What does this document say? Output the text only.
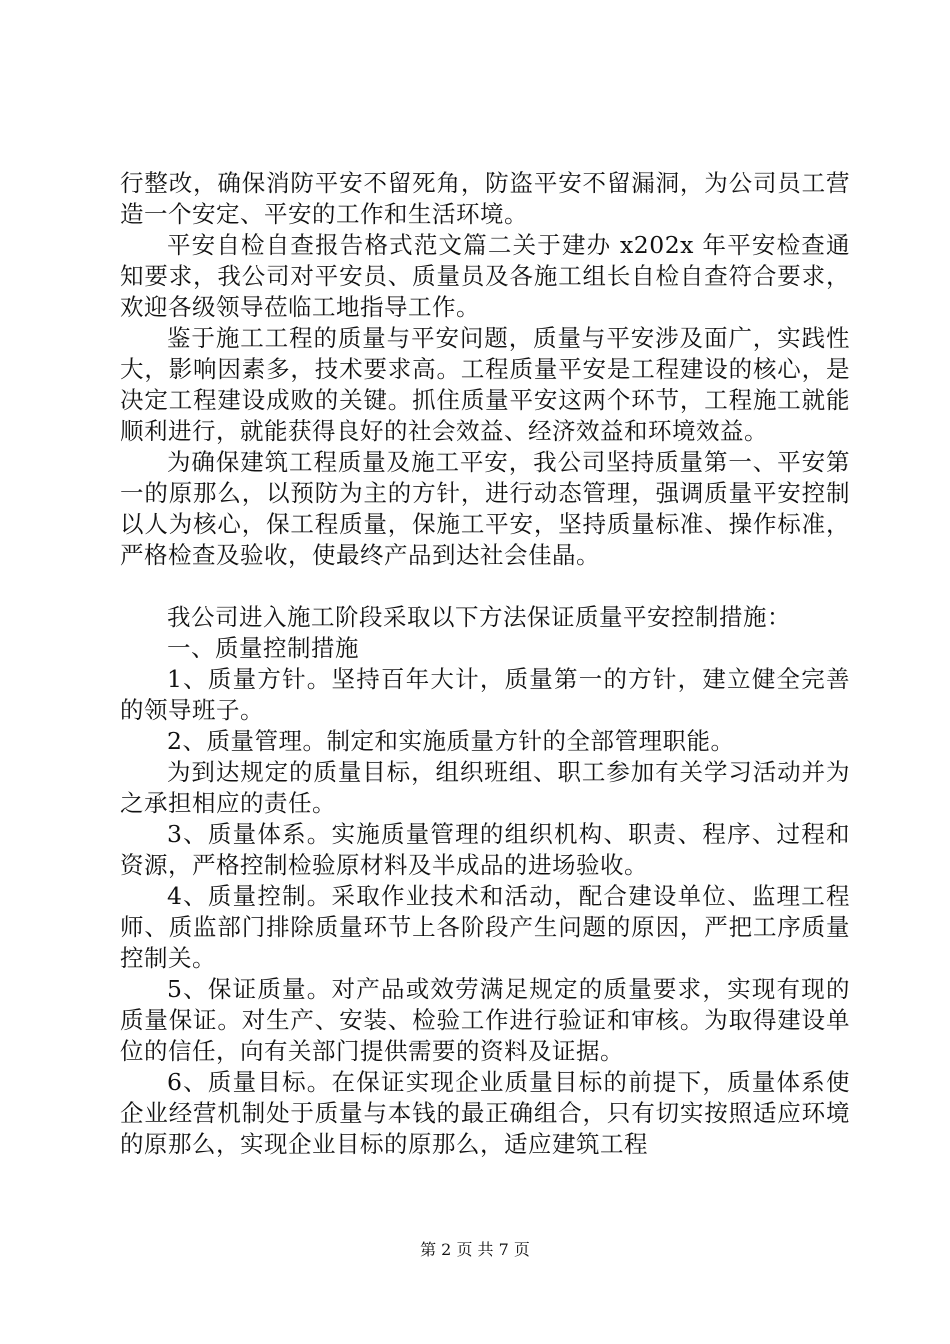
行整改，确保消防平安不留死角，防盗平安不留漏洞，为公司员工营造一个安定、平安的工作和生活环境。

平安自检自查报告格式范文篇二关于建办 x202x 年平安检查通知要求，我公司对平安员、质量员及各施工组长自检自查符合要求，欢迎各级领导莅临工地指导工作。

鉴于施工工程的质量与平安问题，质量与平安涉及面广，实践性大，影响因素多，技术要求高。工程质量平安是工程建设的核心，是决定工程建设成败的关键。抓住质量平安这两个环节，工程施工就能顺利进行，就能获得良好的社会效益、经济效益和环境效益。

为确保建筑工程质量及施工平安，我公司坚持质量第一、平安第一的原那么，以预防为主的方针，进行动态管理，强调质量平安控制以人为核心，保工程质量，保施工平安，坚持质量标准、操作标准，严格检查及验收，使最终产品到达社会佳晶。

我公司进入施工阶段采取以下方法保证质量平安控制措施：

一、质量控制措施

1、质量方针。坚持百年大计，质量第一的方针，建立健全完善的领导班子。

2、质量管理。制定和实施质量方针的全部管理职能。

为到达规定的质量目标，组织班组、职工参加有关学习活动并为之承担相应的责任。

3、质量体系。实施质量管理的组织机构、职责、程序、过程和资源，严格控制检验原材料及半成品的进场验收。

4、质量控制。采取作业技术和活动，配合建设单位、监理工程师、质监部门排除质量环节上各阶段产生问题的原因，严把工序质量控制关。

5、保证质量。对产品或效劳满足规定的质量要求，实现有现的质量保证。对生产、安装、检验工作进行验证和审核。为取得建设单位的信任，向有关部门提供需要的资料及证据。

6、质量目标。在保证实现企业质量目标的前提下，质量体系使企业经营机制处于质量与本钱的最正确组合，只有切实按照适应环境的原那么，实现企业目标的原那么，适应建筑工程

第 2 页 共 7 页
